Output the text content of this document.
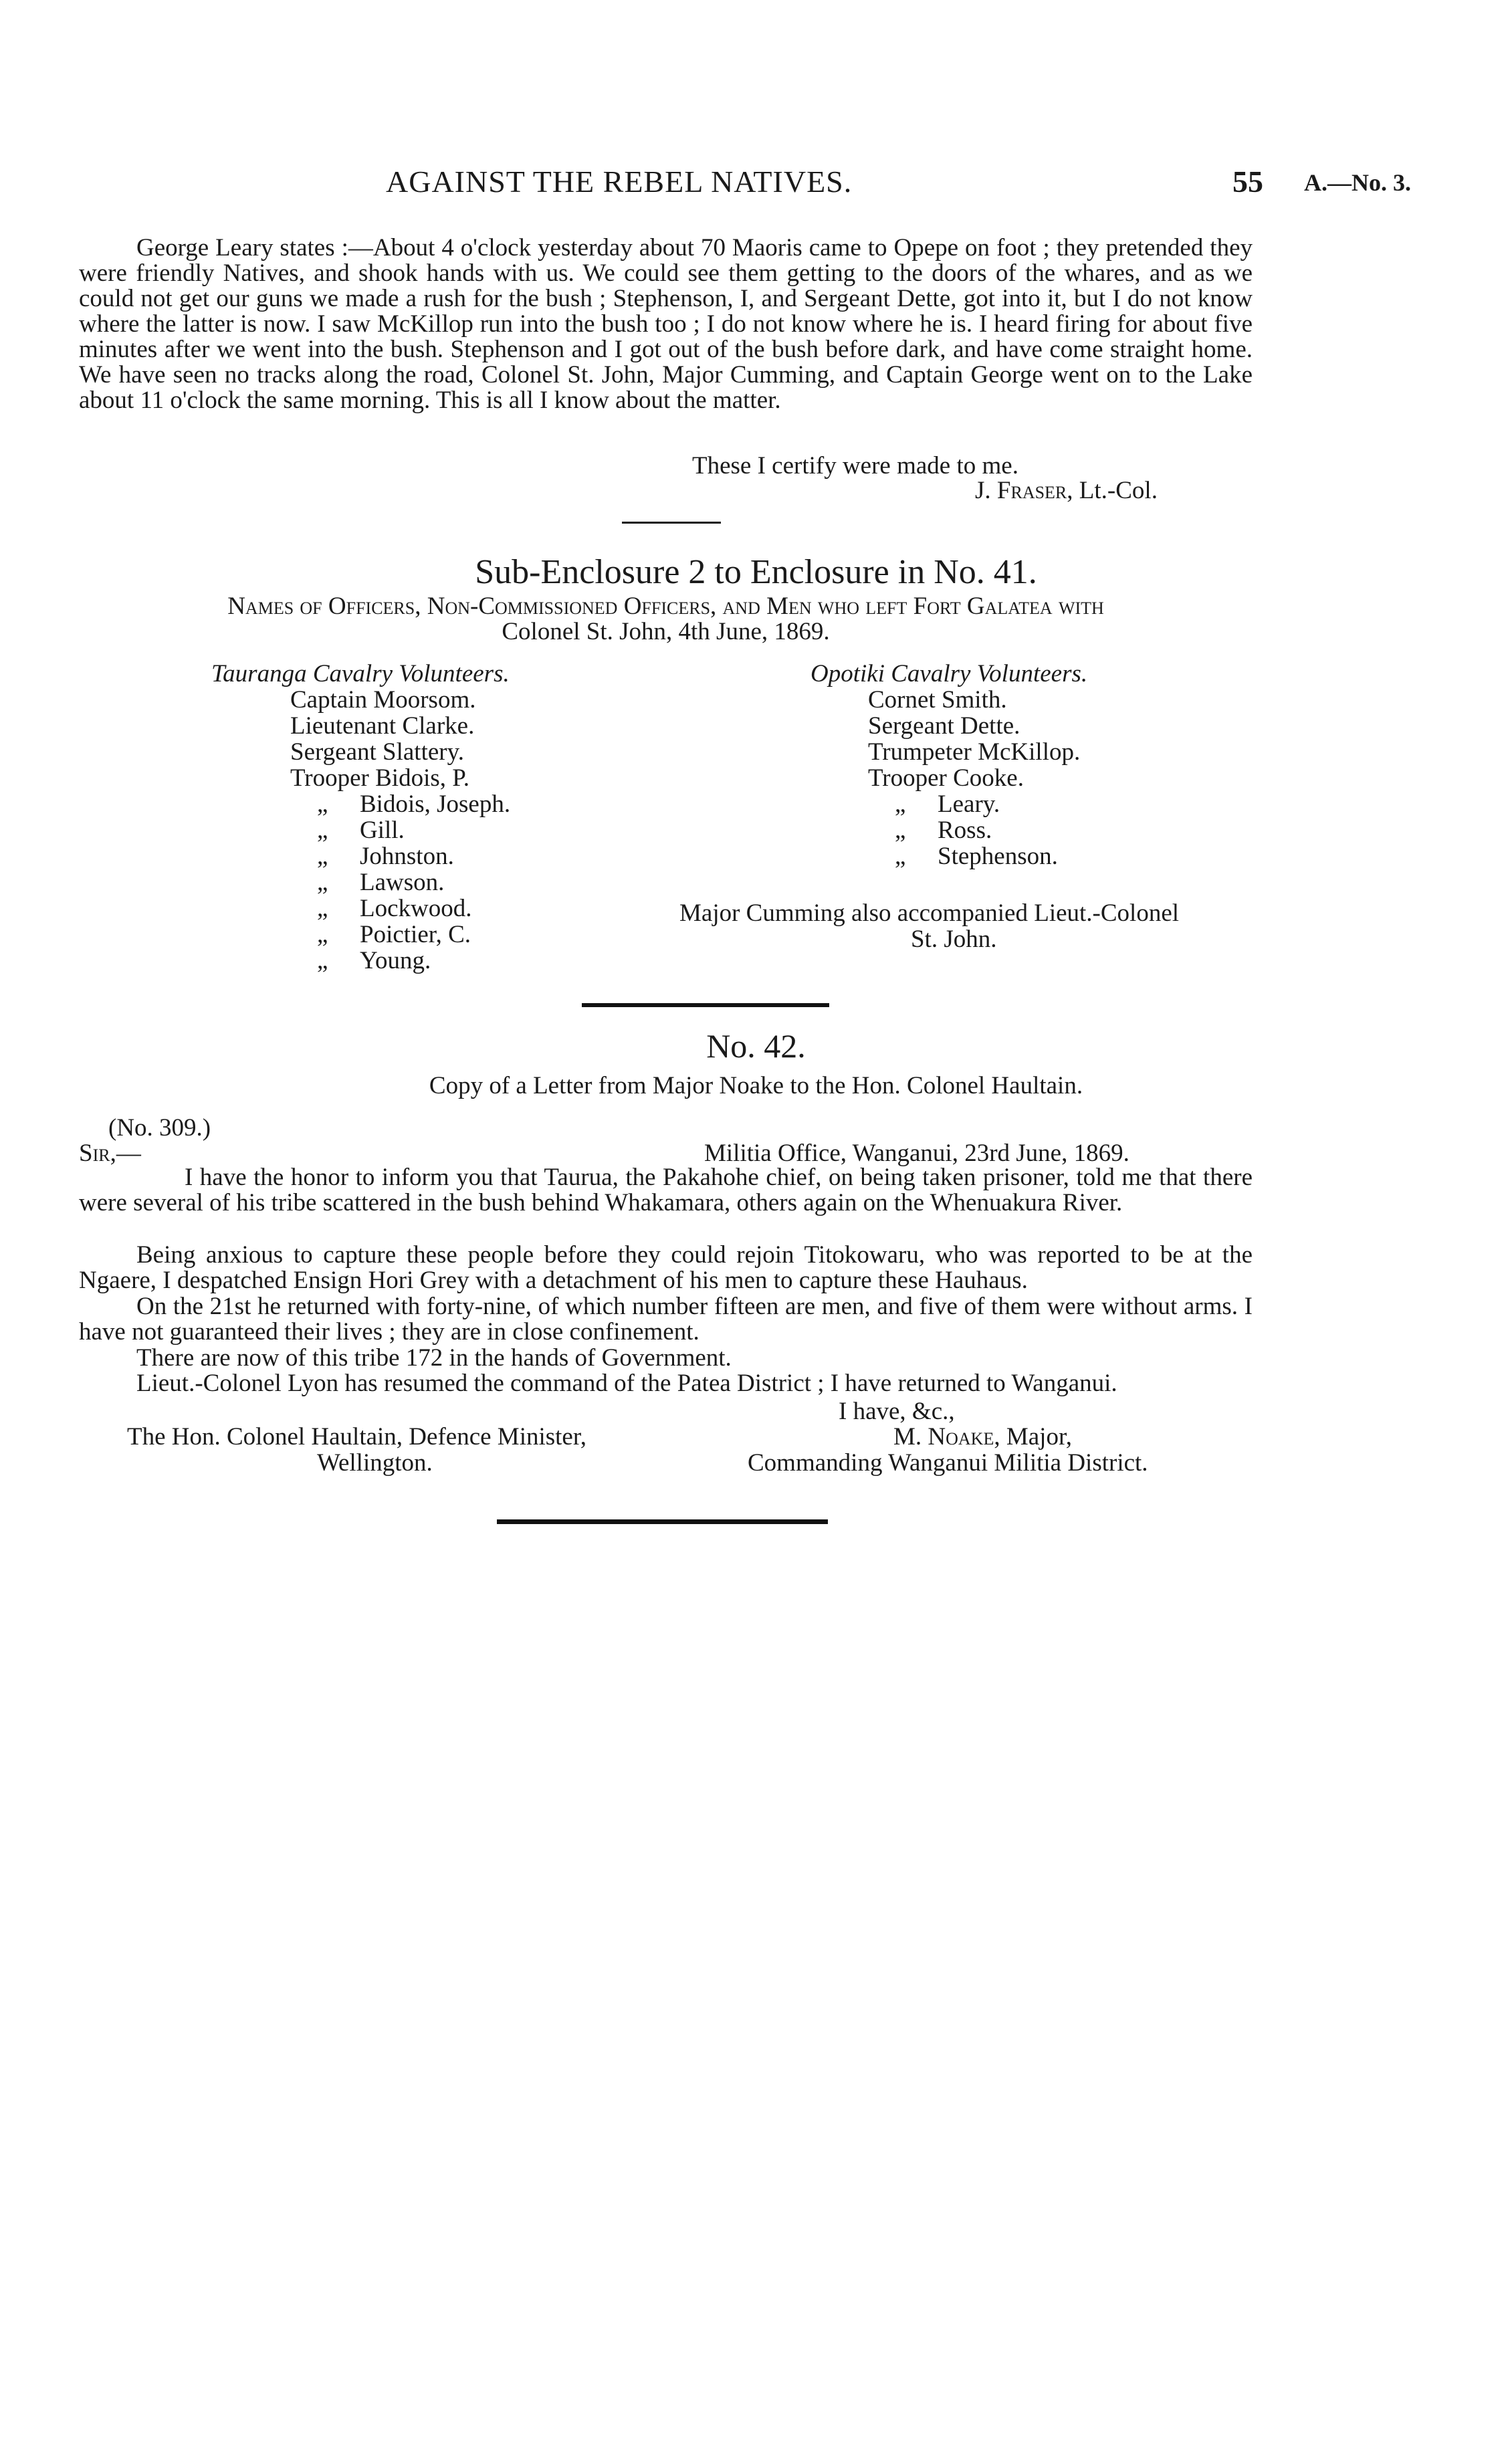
AGAINST THE REBEL NATIVES.	55 A.—No. 3.

George Leary states :—About 4 o'clock yesterday about 70 Maoris came to Opepe on foot ; they pretended they were friendly Natives, and shook hands with us. We could see them getting to the doors of the whares, and as we could not get our guns we made a rush for the bush ; Stephenson, I, and Sergeant Dette, got into it, but I do not know where the latter is now. I saw McKillop run into the bush too ; I do not know where he is. I heard firing for about five minutes after we went into the bush. Stephenson and I got out of the bush before dark, and have come straight home. We have seen no tracks along the road, Colonel St. John, Major Cumming, and Captain George went on to the Lake about 11 o'clock the same morning. This is all I know about the matter.

These I certify were made to me.
J. Fraser, Lt.-Col.
Sub-Enclosure 2 to Enclosure in No. 41.
Names of Officers, Non-Commissioned Officers, and Men who left Fort Galatea with
Colonel St. John, 4th June, 1869.
Tauranga Cavalry Volunteers.
Captain Moorsom.
Lieutenant Clarke.
Sergeant Slattery.
Trooper Bidois, P.
„ Bidois, Joseph.
„ Gill.
„ Johnston.
„ Lawson.
„ Lockwood.
„ Poictier, C.
„ Young.
Opotiki Cavalry Volunteers.
Cornet Smith.
Sergeant Dette.
Trumpeter McKillop.
Trooper Cooke.
„ Leary.
„ Ross.
„ Stephenson.
Major Cumming also accompanied Lieut.-Colonel
St. John.
No. 42.
Copy of a Letter from Major Noake to the Hon. Colonel Haultain.
(No. 309.)
Sir,—	Militia Office, Wanganui, 23rd June, 1869.

I have the honor to inform you that Taurua, the Pakahohe chief, on being taken prisoner, told me that there were several of his tribe scattered in the bush behind Whakamara, others again on the Whenuakura River.

Being anxious to capture these people before they could rejoin Titokowaru, who was reported to be at the Ngaere, I despatched Ensign Hori Grey with a detachment of his men to capture these Hauhaus.

On the 21st he returned with forty-nine, of which number fifteen are men, and five of them were without arms. I have not guaranteed their lives ; they are in close confinement.

There are now of this tribe 172 in the hands of Government.

Lieut.-Colonel Lyon has resumed the command of the Patea District ; I have returned to Wanganui.

I have, &c.,
The Hon. Colonel Haultain, Defence Minister,
Wellington.
M. Noake, Major,
Commanding Wanganui Militia District.
